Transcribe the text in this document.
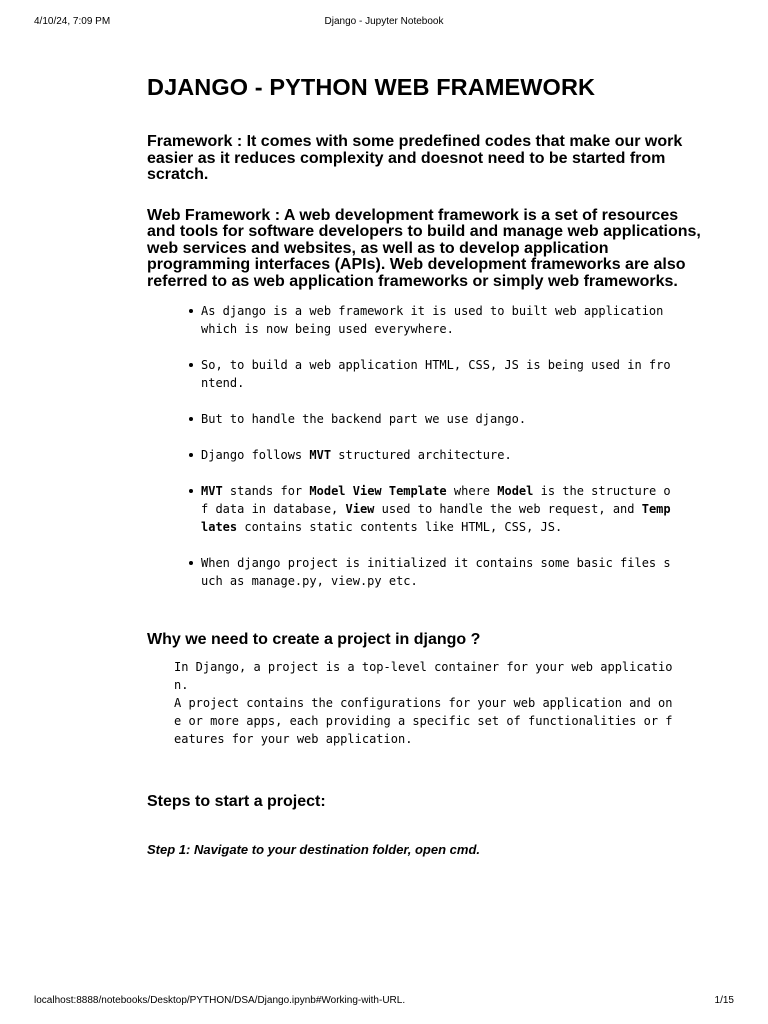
4/10/24, 7:09 PM	Django - Jupyter Notebook
DJANGO - PYTHON WEB FRAMEWORK

Framework : It comes with some predefined codes that make our work easier as it reduces complexity and doesnot need to be started from scratch.

Web Framework : A web development framework is a set of resources and tools for software developers to build and manage web applications, web services and websites, as well as to develop application programming interfaces (APIs). Web development frameworks are also referred to as web application frameworks or simply web frameworks.

As django is a web framework it is used to built web application which is now being used everywhere.
So, to build a web application HTML, CSS, JS is being used in frontend.
But to handle the backend part we use django.
Django follows MVT structured architecture.
MVT stands for Model View Template where Model is the structure of data in database, View used to handle the web request, and Templates contains static contents like HTML, CSS, JS.
When django project is initialized it contains some basic files such as manage.py, view.py etc.
Why we need to create a project in django ?
In Django, a project is a top-level container for your web application.
A project contains the configurations for your web application and one or more apps, each providing a specific set of functionalities or features for your web application.
Steps to start a project:
Step 1: Navigate to your destination folder, open cmd.
localhost:8888/notebooks/Desktop/PYTHON/DSA/Django.ipynb#Working-with-URL.	1/15
